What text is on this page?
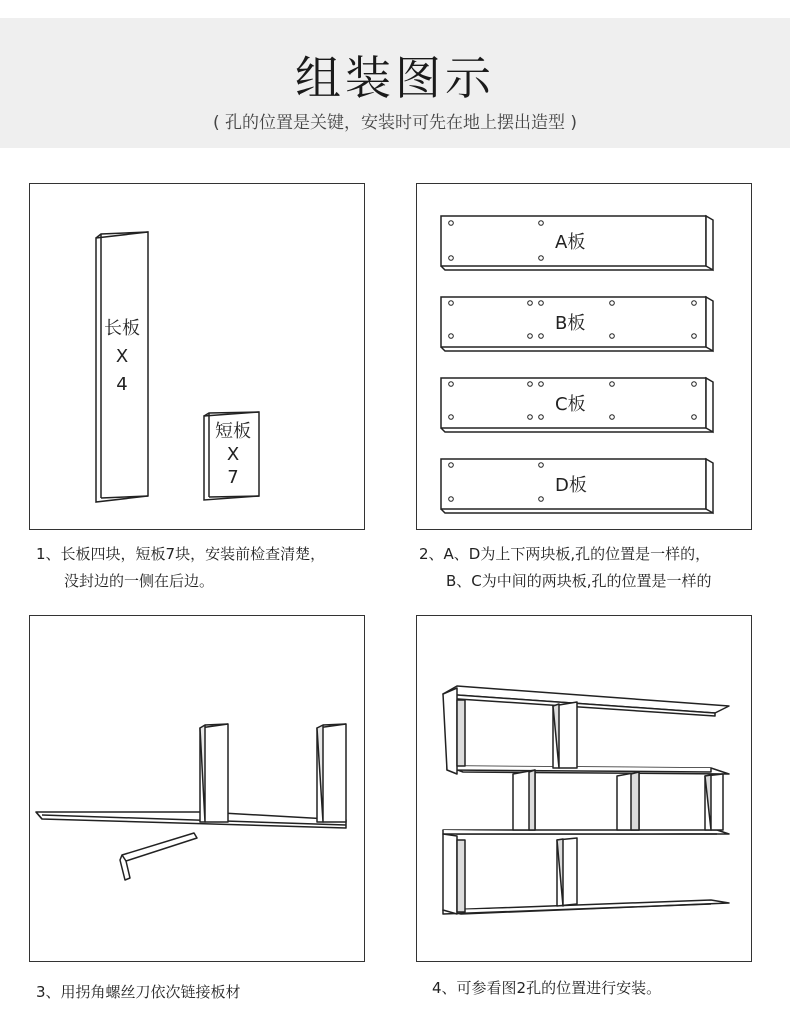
组装图示
( 孔的位置是关键，安装时可先在地上摆出造型 )
长板
X
4
短板
X
7
1、长板四块，短板7块，安装前检查清楚，
没封边的一侧在后边。
A板
B板
C板
D板
2、A、D为上下两块板,孔的位置是一样的，
B、C为中间的两块板,孔的位置是一样的
3、用拐角螺丝刀依次链接板材	4、可参看图2孔的位置进行安装。
